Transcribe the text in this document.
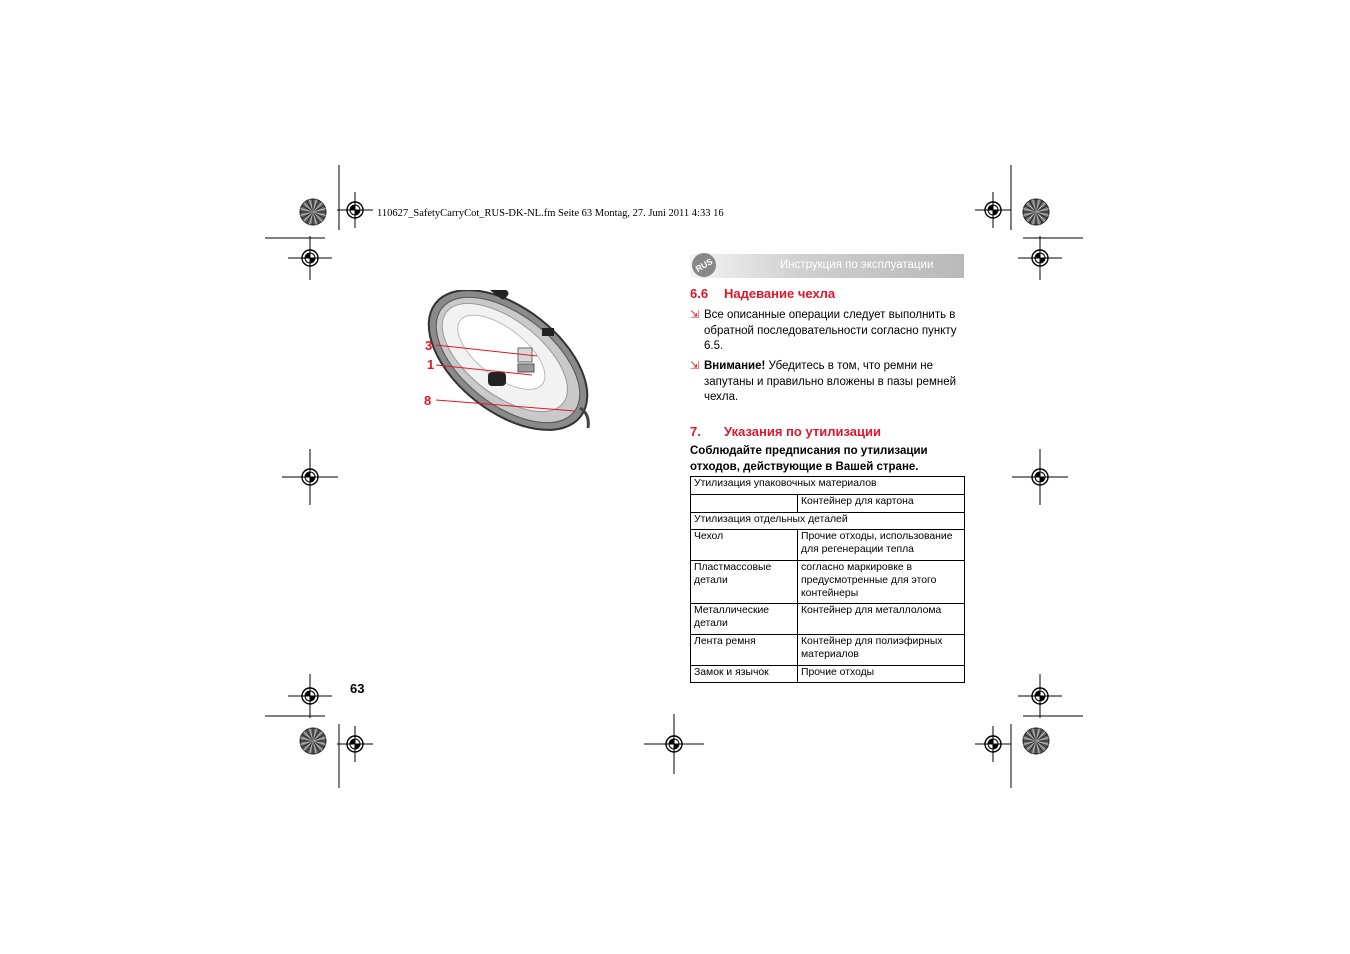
110627_SafetyCarryCot_RUS-DK-NL.fm Seite 63 Montag, 27. Juni 2011 4:33 16
3
1
8
RUS	Инструкция по эксплуатации
6.6 Надевание чехла
⇲ Все описанные операции следует выполнить в обратной последовательности согласно пункту 6.5.
⇲ Внимание! Убедитесь в том, что ремни не запутаны и правильно вложены в пазы ремней чехла.
7. Указания по утилизации
Соблюдайте предписания по утилизации отходов, действующие в Вашей стране.
Утилизация упаковочных материалов	
	Контейнер для картона
Утилизация отдельных деталей	
Чехол	Прочие отходы, использование для регенерации тепла
Пластмассовые детали	согласно маркировке в предусмотренные для этого контейнеры
Металлические детали	Контейнер для металлолома
Лента ремня	Контейнер для полиэфирных материалов
Замок и язычок	Прочие отходы
63
